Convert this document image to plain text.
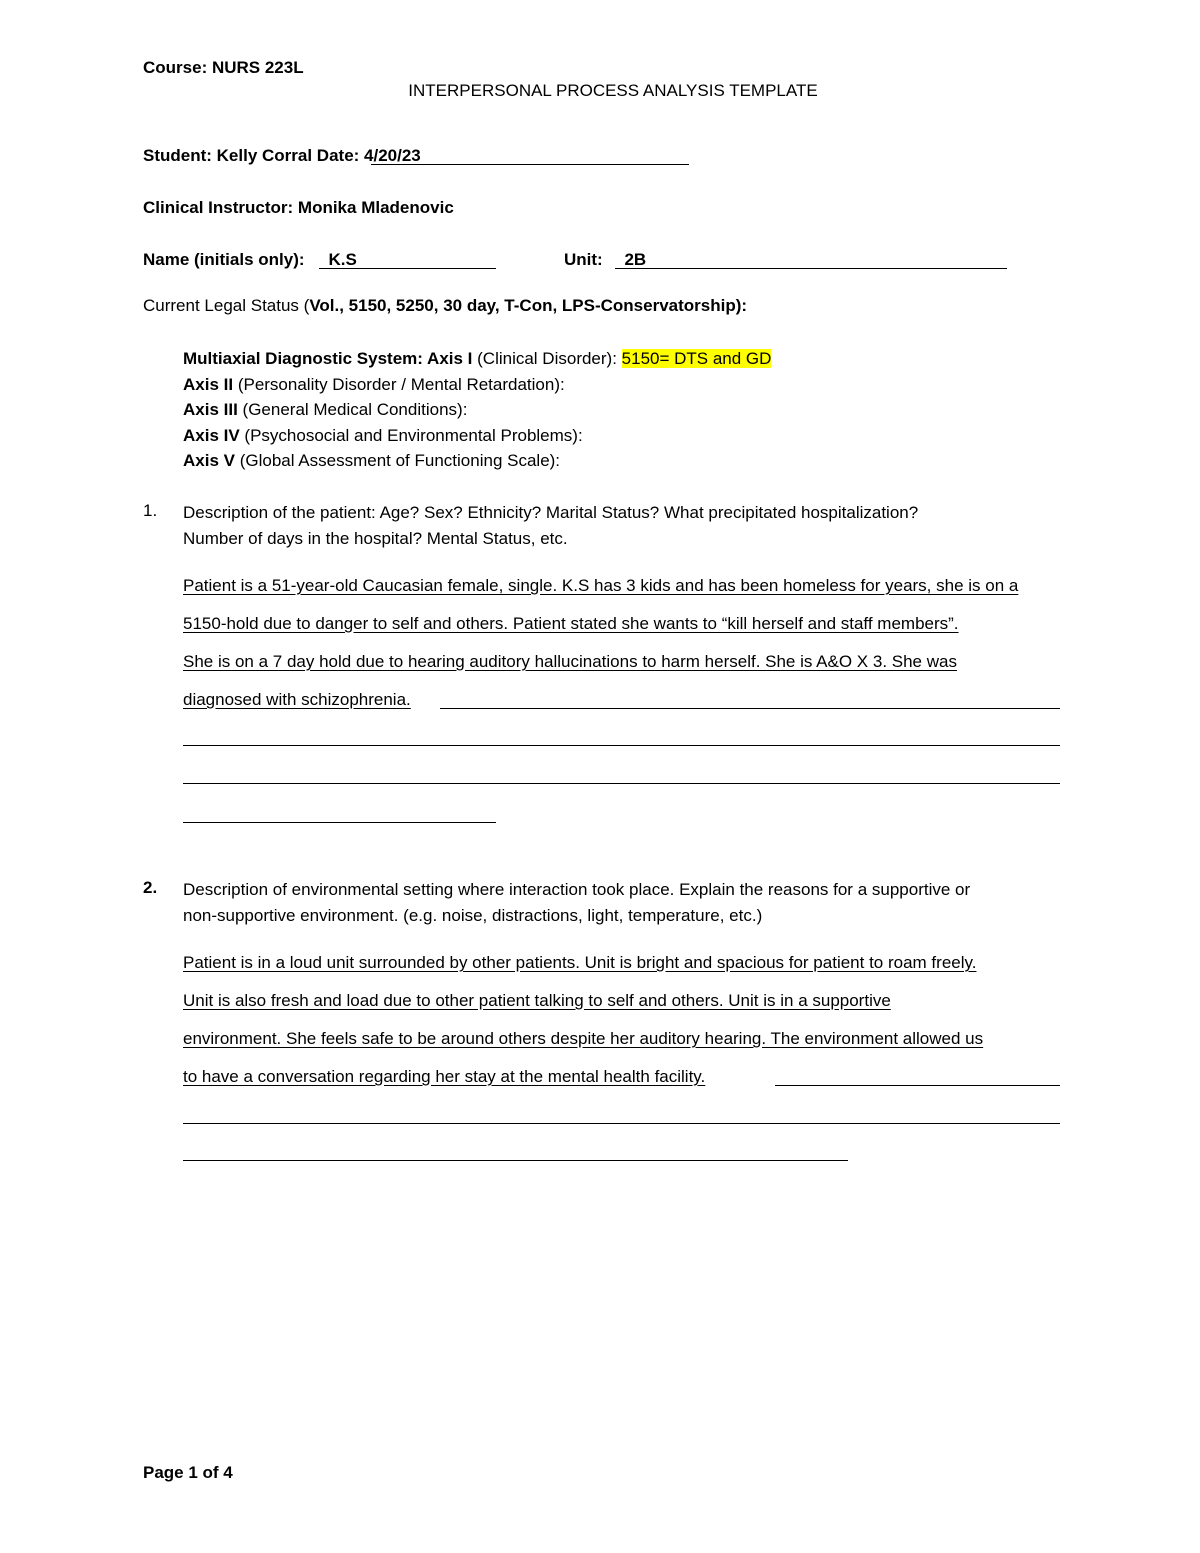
Course: NURS 223L
INTERPERSONAL PROCESS ANALYSIS TEMPLATE
Student: Kelly Corral Date: 4/20/23
Clinical Instructor: Monika Mladenovic
Name (initials only): K.S	Unit: 2B
Current Legal Status (Vol., 5150, 5250, 30 day, T-Con, LPS-Conservatorship):
Multiaxial Diagnostic System: Axis I (Clinical Disorder): 5150= DTS and GD
Axis II (Personality Disorder / Mental Retardation):
Axis III (General Medical Conditions):
Axis IV (Psychosocial and Environmental Problems):
Axis V (Global Assessment of Functioning Scale):
1. Description of the patient: Age? Sex? Ethnicity? Marital Status? What precipitated hospitalization?
Number of days in the hospital? Mental Status, etc.
Patient is a 51-year-old Caucasian female, single. K.S has 3 kids and has been homeless for years, she is on a
5150-hold due to danger to self and others. Patient stated she wants to “kill herself and staff members”.
She is on a 7 day hold due to hearing auditory hallucinations to harm herself. She is A&O X 3. She was
diagnosed with schizophrenia.
2. Description of environmental setting where interaction took place. Explain the reasons for a supportive or
non-supportive environment. (e.g. noise, distractions, light, temperature, etc.)
Patient is in a loud unit surrounded by other patients. Unit is bright and spacious for patient to roam freely.
Unit is also fresh and load due to other patient talking to self and others. Unit is in a supportive
environment. She feels safe to be around others despite her auditory hearing. The environment allowed us
to have a conversation regarding her stay at the mental health facility.
Page 1 of 4
